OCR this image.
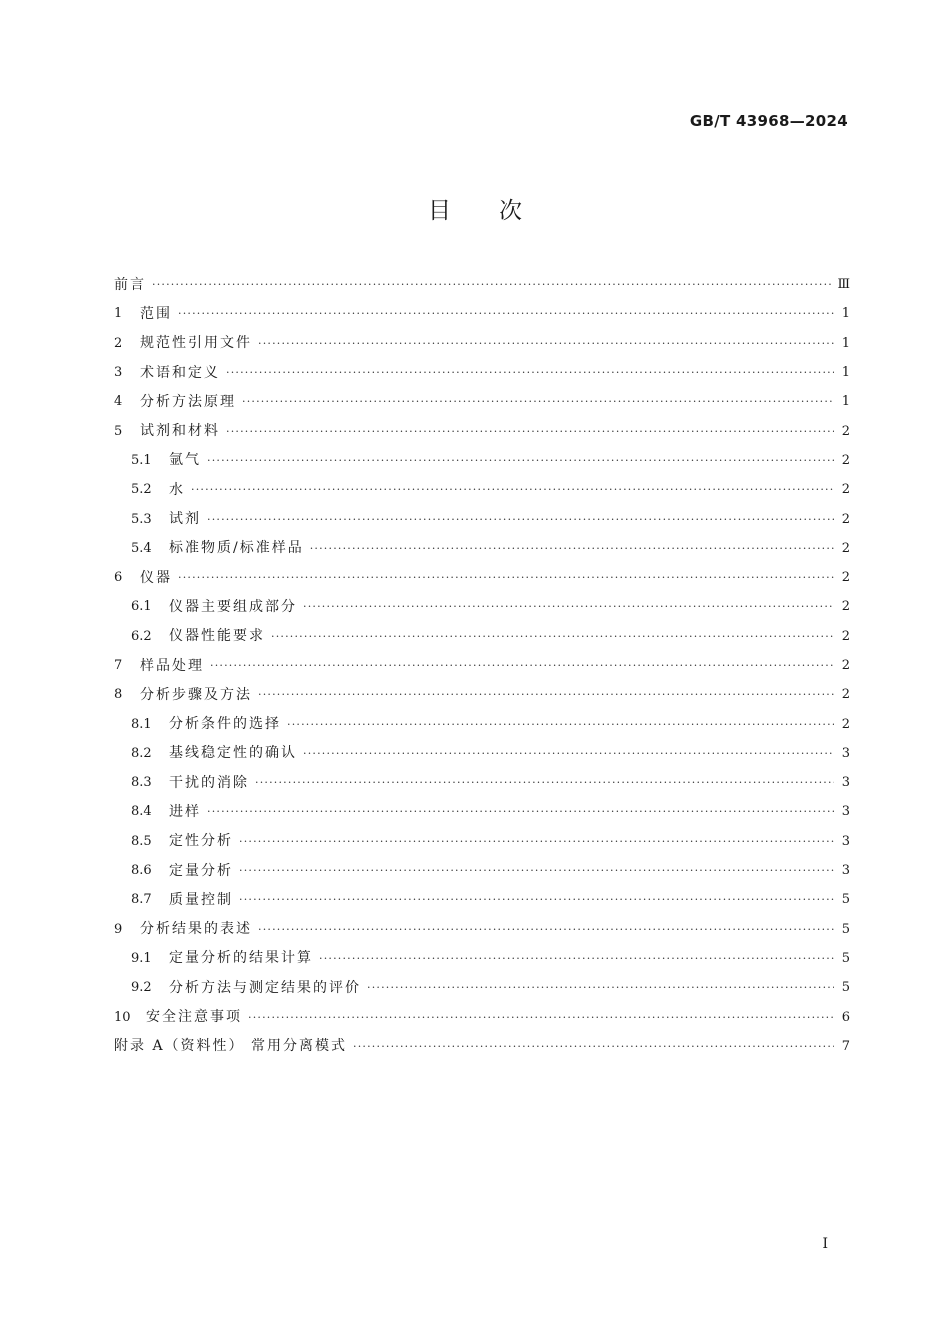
GB/T 43968—2024
目次
前言 ·····	Ⅲ
1	范围 ·····	1
2	规范性引用文件 ·····	1
3	术语和定义 ·····	1
4	分析方法原理 ·····	1
5	试剂和材料 ·····	2
5.1	氩气 ·····	2
5.2	水 ·····	2
5.3	试剂 ·····	2
5.4	标准物质/标准样品 ·····	2
6	仪器 ·····	2
6.1	仪器主要组成部分 ·····	2
6.2	仪器性能要求 ·····	2
7	样品处理 ·····	2
8	分析步骤及方法 ·····	2
8.1	分析条件的选择 ·····	2
8.2	基线稳定性的确认 ·····	3
8.3	干扰的消除 ·····	3
8.4	进样 ·····	3
8.5	定性分析 ·····	3
8.6	定量分析 ·····	3
8.7	质量控制 ·····	5
9	分析结果的表述 ·····	5
9.1	定量分析的结果计算 ·····	5
9.2	分析方法与测定结果的评价 ·····	5
10	安全注意事项 ·····	6
附录 A（资料性） 常用分离模式 ·····	7
I
